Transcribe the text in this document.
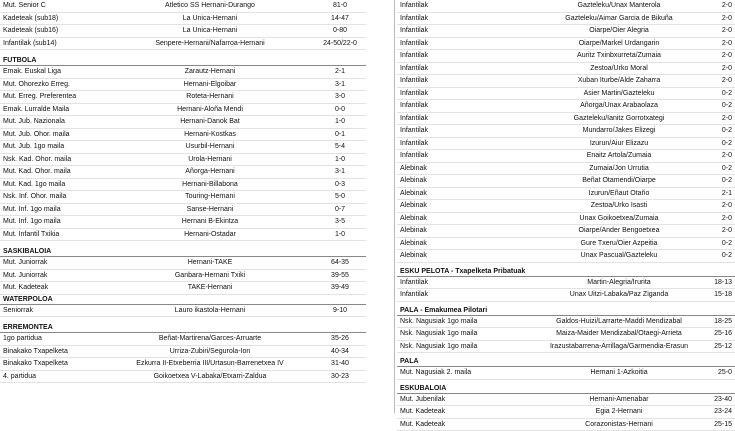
Mut. Senior C	Atletico SS Hernani-Durango	81-0
Kadeteak (sub18)	La Unica-Hernani	14-47
Kadeteak (sub16)	La Unica-Hernani	0-80
Infantilak (sub14)	Senpere-Hernani/Nafarroa-Hernani	24-50/22-0
FUTBOLA
Emak. Euskal Liga	Zarautz-Hernani	2-1
Mut. Ohorezko Erreg.	Hernani-Elgoibar	3-1
Mut. Erreg. Preferentea	Roteta-Hernani	3-0
Emak. Lurralde Maila	Hernani-Aloña Mendi	0-0
Mut. Jub. Nazionala	Hernani-Danok Bat	1-0
Mut. Jub. Ohor. maila	Hernani-Kostkas	0-1
Mut. Jub. 1go maila	Usurbil-Hernani	5-4
Nsk. Kad. Ohor. maila	Urola-Hernani	1-0
Mut. Kad. Ohor. maila	Añorga-Hernani	3-1
Mut. Kad. 1go maila	Hernani-Billabona	0-3
Nsk. Inf. Ohor. maila	Touring-Hernani	5-0
Mut. Inf. 1go maila	Sanse-Hernani	0-7
Mut. Inf. 1go maila	Hernani B-Ekintza	3-5
Mut. Infantil Txikia	Hernani-Ostadar	1-0
SASKIBALOIA
Mut. Juniorrak	Hernani-TAKE	64-35
Mut. Juniorrak	Ganbara-Hernani Txiki	39-55
Mut. Kadeteak	TAKE-Hernani	39-49
WATERPOLOA
Seniorrak	Lauro ikastola-Hernani	9-10
ERREMONTEA
1go partidua	Beñat-Martirena/Garces-Arruarte	35-26
Binakako Txapelketa	Urriza-Zubiri/Segurola-Ion	40-34
Binakako Txapelketa	Ezkurra II-Etxeberria III/Urtasun-Barrenetxea IV	31-40
4. partidua	Goikoetxea V-Labaka/Etxarri-Zaldua	30-23
Infantilak	Gazteleku/Unax Manterola	2-0
Infantilak	Gazteleku/Aimar Garcia de Bikuña	2-0
Infantilak	Oiarpe/Oier Alegria	2-0
Infantilak	Oiarpe/Markel Urdangarin	2-0
Infantilak	Auritz Txinbxurreta/Zumaia	2-0
Infantilak	Zestoa/Urko Moral	2-0
Infantilak	Xuban Iturbe/Alde Zaharra	2-0
Infantilak	Asier Martin/Gazteleku	0-2
Infantilak	Añorga/Unax Arabaolaza	0-2
Infantilak	Gazteleku/Ianitz Gorrotxategi	2-0
Infantilak	Mundarro/Jakes Elizegi	0-2
Infantilak	Izurun/Aiur Elizazu	0-2
Infantilak	Enaitz Artola/Zumaia	2-0
Alebinak	Zumaia/Jon Urrutia	0-2
Alebinak	Beñat Otamendi/Oiarpe	0-2
Alebinak	Izurun/Eñaut Otaño	2-1
Alebinak	Zestoa/Urko Isasti	2-0
Alebinak	Unax Goikoetxea/Zumaia	2-0
Alebinak	Oiarpe/Ander Bengoetxea	2-0
Alebinak	Gure Txeru/Oier Azpeitia	0-2
Alebinak	Unax Pascual/Gazteleku	0-2
ESKU PELOTA - Txapelketa Pribatuak
Infantilak	Martin-Alegria/Irurita	18-13
Infantilak	Unax Uitzi-Labaka/Paz Ziganda	15-18
PALA - Emakumea Pilotari
Nsk. Nagusiak 1go maila	Galdos-Huizi/Larrarte-Maddi Mendizabal	18-25
Nsk. Nagusiak 1go maila	Maiza-Maider Mendizabal/Otaegi-Arrieta	25-16
Nsk. Nagusiak 1go maila	Irazustabarrena-Arrillaga/Garmendia-Erasun	25-12
PALA
Mut. Nagusiak 2. maila	Hernani 1-Azkoitia	25-0
ESKUBALOIA
Mut. Jubenilak	Hernani-Amenabar	23-40
Mut. Kadeteak	Egia 2-Hernani	23-24
Mut. Kadeteak	Corazonistas-Hernani	25-15
